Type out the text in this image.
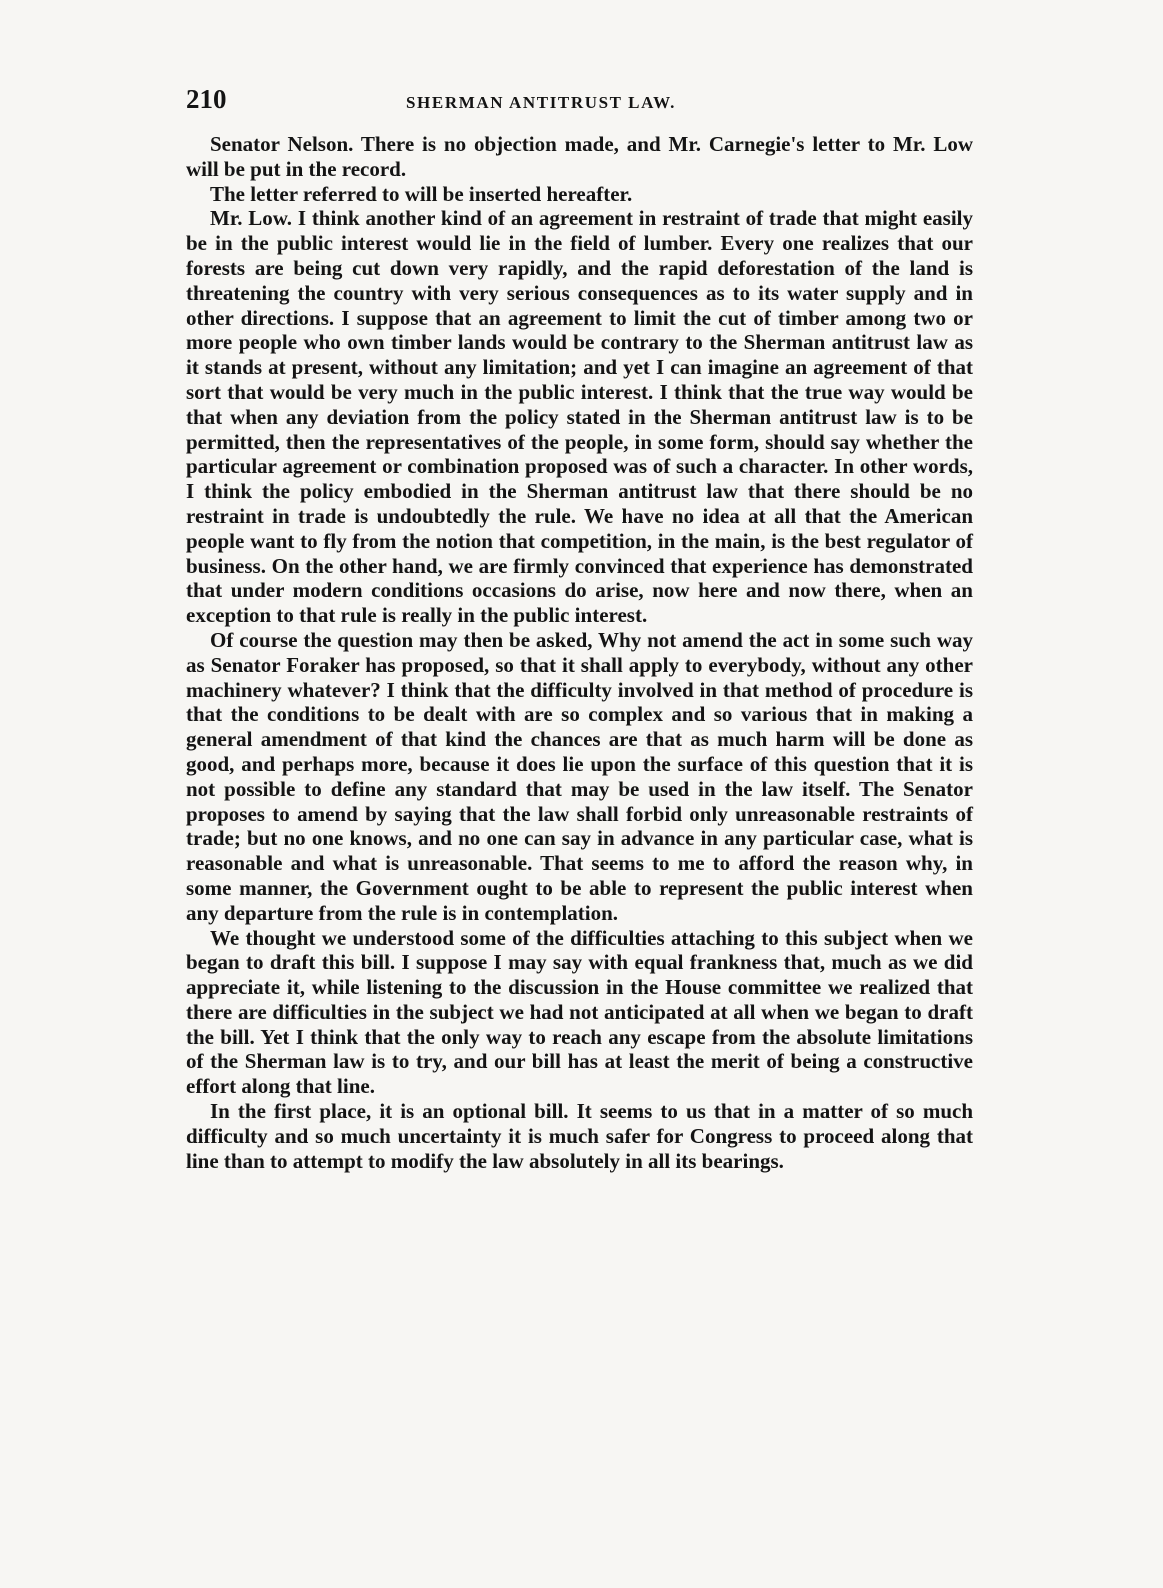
210	SHERMAN ANTITRUST LAW.

Senator Nelson. There is no objection made, and Mr. Carnegie's letter to Mr. Low will be put in the record.

The letter referred to will be inserted hereafter.

Mr. Low. I think another kind of an agreement in restraint of trade that might easily be in the public interest would lie in the field of lumber. Every one realizes that our forests are being cut down very rapidly, and the rapid deforestation of the land is threatening the country with very serious consequences as to its water supply and in other directions. I suppose that an agreement to limit the cut of timber among two or more people who own timber lands would be contrary to the Sherman antitrust law as it stands at present, without any limitation; and yet I can imagine an agreement of that sort that would be very much in the public interest. I think that the true way would be that when any deviation from the policy stated in the Sherman antitrust law is to be permitted, then the representatives of the people, in some form, should say whether the particular agreement or combination proposed was of such a character. In other words, I think the policy embodied in the Sherman antitrust law that there should be no restraint in trade is undoubtedly the rule. We have no idea at all that the American people want to fly from the notion that competition, in the main, is the best regulator of business. On the other hand, we are firmly convinced that experience has demonstrated that under modern conditions occasions do arise, now here and now there, when an exception to that rule is really in the public interest.

Of course the question may then be asked, Why not amend the act in some such way as Senator Foraker has proposed, so that it shall apply to everybody, without any other machinery whatever? I think that the difficulty involved in that method of procedure is that the conditions to be dealt with are so complex and so various that in making a general amendment of that kind the chances are that as much harm will be done as good, and perhaps more, because it does lie upon the surface of this question that it is not possible to define any standard that may be used in the law itself. The Senator proposes to amend by saying that the law shall forbid only unreasonable restraints of trade; but no one knows, and no one can say in advance in any particular case, what is reasonable and what is unreasonable. That seems to me to afford the reason why, in some manner, the Government ought to be able to represent the public interest when any departure from the rule is in contemplation.

We thought we understood some of the difficulties attaching to this subject when we began to draft this bill. I suppose I may say with equal frankness that, much as we did appreciate it, while listening to the discussion in the House committee we realized that there are difficulties in the subject we had not anticipated at all when we began to draft the bill. Yet I think that the only way to reach any escape from the absolute limitations of the Sherman law is to try, and our bill has at least the merit of being a constructive effort along that line.

In the first place, it is an optional bill. It seems to us that in a matter of so much difficulty and so much uncertainty it is much safer for Congress to proceed along that line than to attempt to modify the law absolutely in all its bearings.
